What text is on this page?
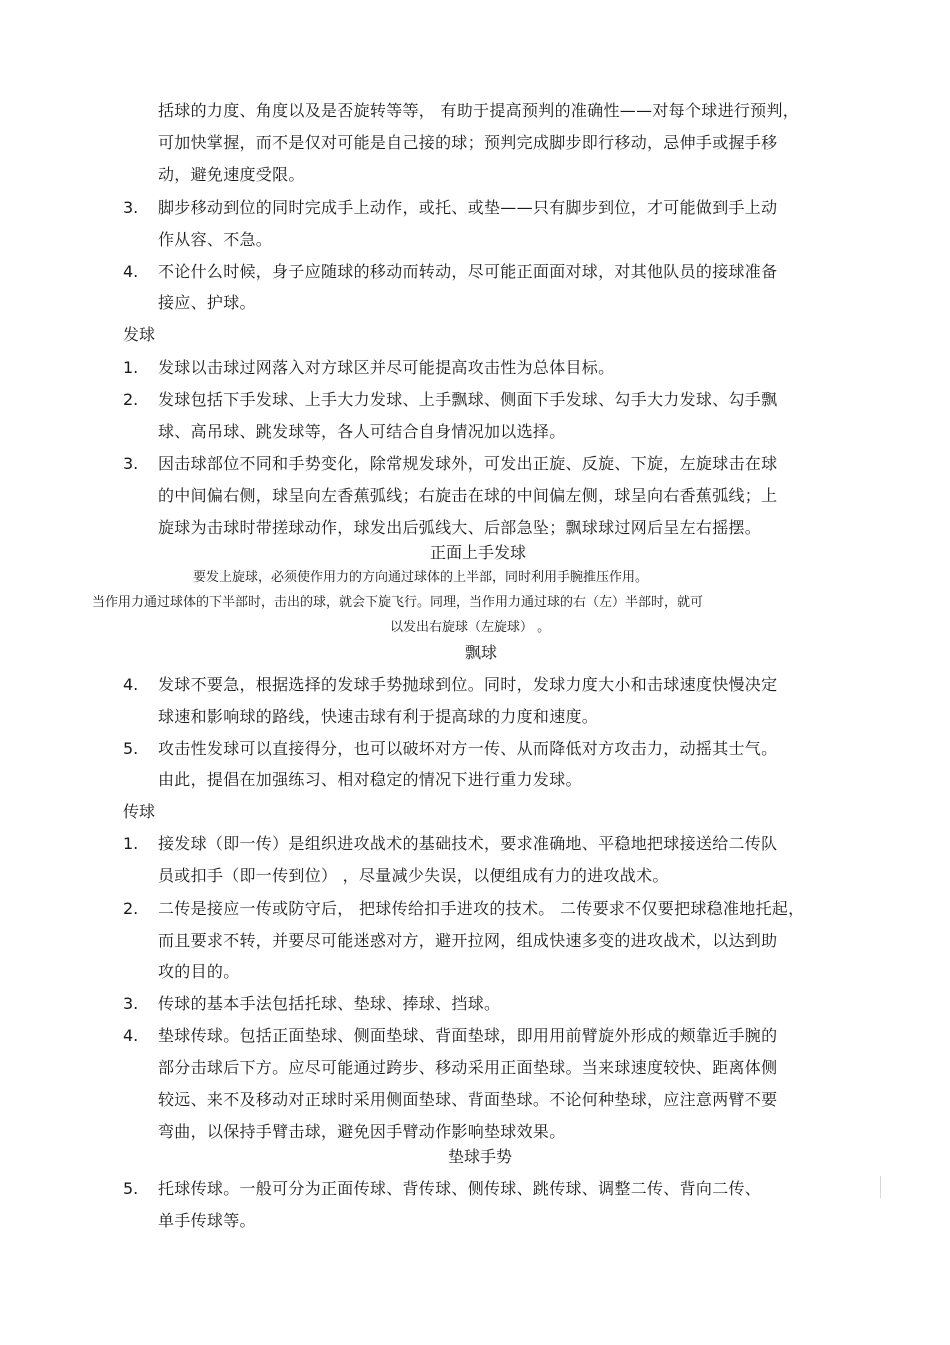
括球的力度、角度以及是否旋转等等， 有助于提高预判的准确性——对每个球进行预判，
可加快掌握，而不是仅对可能是自己接的球；预判完成脚步即行移动，忌伸手或握手移
动，避免速度受限。
3. 脚步移动到位的同时完成手上动作，或托、或垫——只有脚步到位，才可能做到手上动
作从容、不急。
4. 不论什么时候，身子应随球的移动而转动，尽可能正面面对球，对其他队员的接球准备
接应、护球。
发球
1. 发球以击球过网落入对方球区并尽可能提高攻击性为总体目标。
2. 发球包括下手发球、上手大力发球、上手飘球、侧面下手发球、勾手大力发球、勾手飘
球、高吊球、跳发球等，各人可结合自身情况加以选择。
3. 因击球部位不同和手势变化，除常规发球外，可发出正旋、反旋、下旋，左旋球击在球
的中间偏右侧，球呈向左香蕉弧线；右旋击在球的中间偏左侧，球呈向右香蕉弧线；上
旋球为击球时带搓球动作，球发出后弧线大、后部急坠；飘球球过网后呈左右摇摆。
正面上手发球
要发上旋球，必须使作用力的方向通过球体的上半部，同时利用手腕推压作用。
当作用力通过球体的下半部时，击出的球，就会下旋飞行。同理，当作用力通过球的右（左）半部时，就可
以发出右旋球（左旋球） 。
飘球
4. 发球不要急，根据选择的发球手势抛球到位。同时，发球力度大小和击球速度快慢决定
球速和影响球的路线，快速击球有利于提高球的力度和速度。
5. 攻击性发球可以直接得分，也可以破坏对方一传、从而降低对方攻击力，动摇其士气。
由此，提倡在加强练习、相对稳定的情况下进行重力发球。
传球
1. 接发球（即一传）是组织进攻战术的基础技术，要求准确地、平稳地把球接送给二传队
员或扣手（即一传到位） ，尽量减少失误，以便组成有力的进攻战术。
2. 二传是接应一传或防守后， 把球传给扣手进攻的技术。 二传要求不仅要把球稳准地托起，
而且要求不转，并要尽可能迷惑对方，避开拉网，组成快速多变的进攻战术，以达到助
攻的目的。
3. 传球的基本手法包括托球、垫球、捧球、挡球。
4. 垫球传球。包括正面垫球、侧面垫球、背面垫球，即用用前臂旋外形成的颊靠近手腕的
部分击球后下方。应尽可能通过跨步、移动采用正面垫球。当来球速度较快、距离体侧
较远、来不及移动对正球时采用侧面垫球、背面垫球。不论何种垫球，应注意两臂不要
弯曲，以保持手臂击球，避免因手臂动作影响垫球效果。
垫球手势
5. 托球传球。一般可分为正面传球、背传球、侧传球、跳传球、调整二传、背向二传、
单手传球等。
